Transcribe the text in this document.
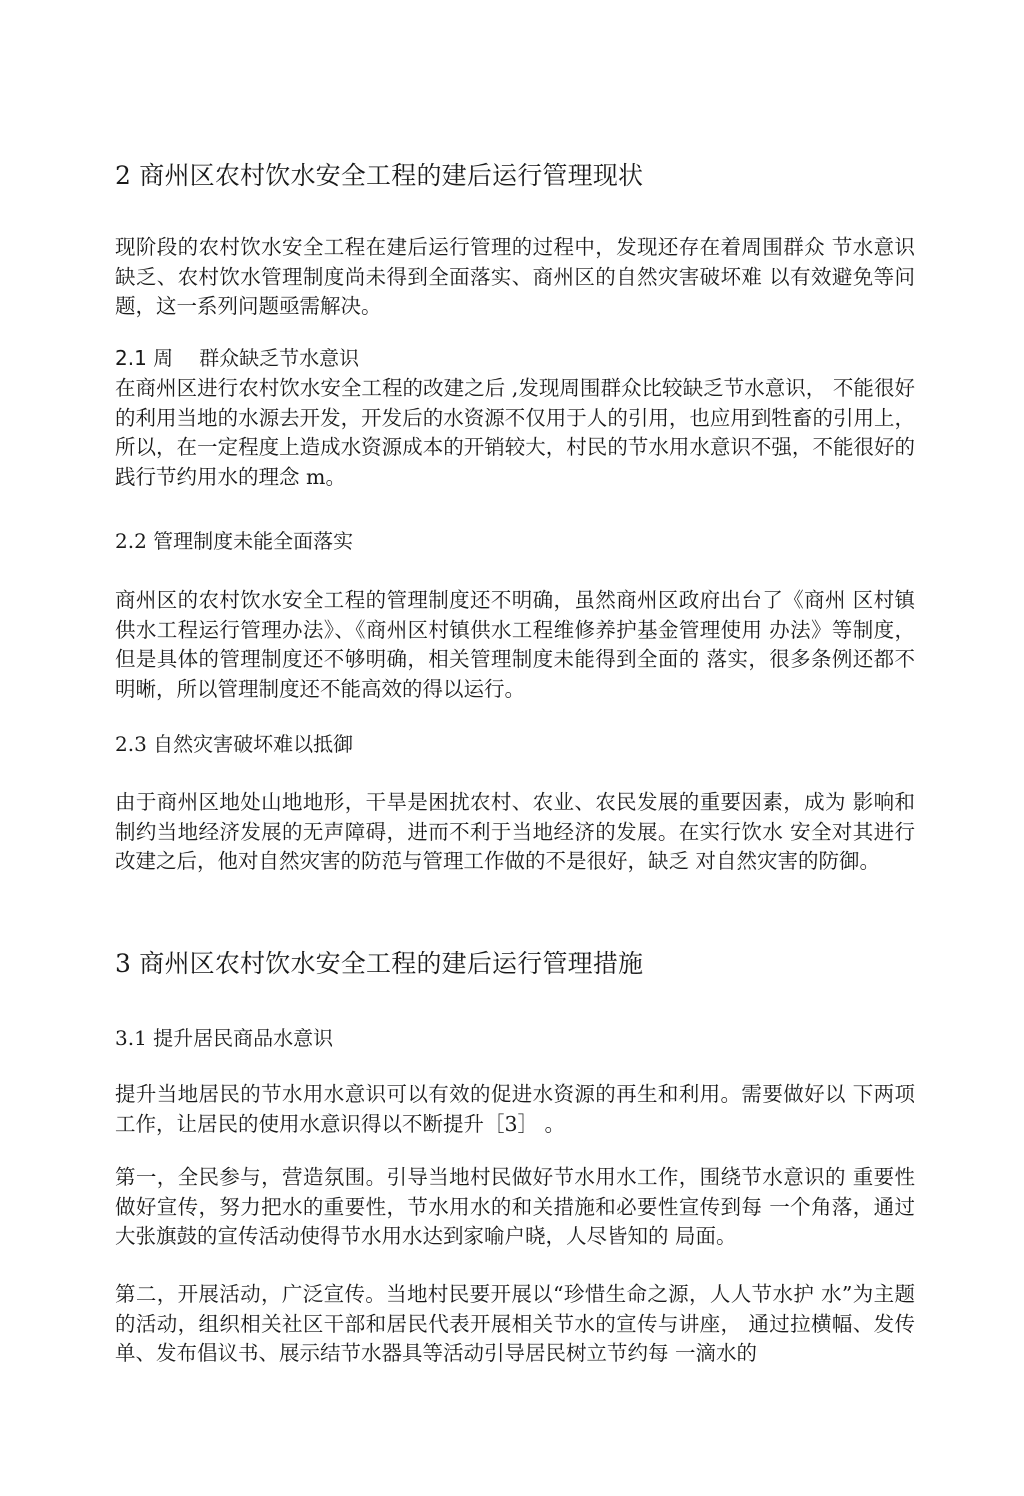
2 商州区农村饮水安全工程的建后运行管理现状
现阶段的农村饮水安全工程在建后运行管理的过程中，发现还存在着周围群众 节水意识缺乏、农村饮水管理制度尚未得到全面落实、商州区的自然灾害破坏难 以有效避免等问题，这一系列问题亟需解决。
2.1 周 群众缺乏节水意识
在商州区进行农村饮水安全工程的改建之后 ,发现周围群众比较缺乏节水意识， 不能很好的利用当地的水源去开发，开发后的水资源不仅用于人的引用，也应用到牲畜的引用上，所以，在一定程度上造成水资源成本的开销较大，村民的节水用水意识不强，不能很好的践行节约用水的理念 m。
2.2 管理制度未能全面落实
商州区的农村饮水安全工程的管理制度还不明确，虽然商州区政府出台了《商州 区村镇供水工程运行管理办法》、《商州区村镇供水工程维修养护基金管理使用 办法》等制度，但是具体的管理制度还不够明确，相关管理制度未能得到全面的 落实，很多条例还都不明晰，所以管理制度还不能高效的得以运行。
2.3 自然灾害破坏难以抵御
由于商州区地处山地地形，干旱是困扰农村、农业、农民发展的重要因素，成为 影响和制约当地经济发展的无声障碍，进而不利于当地经济的发展。在实行饮水 安全对其进行改建之后，他对自然灾害的防范与管理工作做的不是很好，缺乏 对自然灾害的防御。
3 商州区农村饮水安全工程的建后运行管理措施
3.1 提升居民商品水意识
提升当地居民的节水用水意识可以有效的促进水资源的再生和利用。需要做好以 下两项工作，让居民的使用水意识得以不断提升［3］ 。
第一，全民参与，营造氛围。引导当地村民做好节水用水工作，围绕节水意识的 重要性做好宣传，努力把水的重要性，节水用水的和关措施和必要性宣传到每 一个角落，通过大张旗鼓的宣传活动使得节水用水达到家喻户晓，人尽皆知的 局面。
第二，开展活动，广泛宣传。当地村民要开展以“珍惜生命之源，人人节水护 水”为主题的活动，组织相关社区干部和居民代表开展相关节水的宣传与讲座， 通过拉横幅、发传单、发布倡议书、展示结节水器具等活动引导居民树立节约每 一滴水的
